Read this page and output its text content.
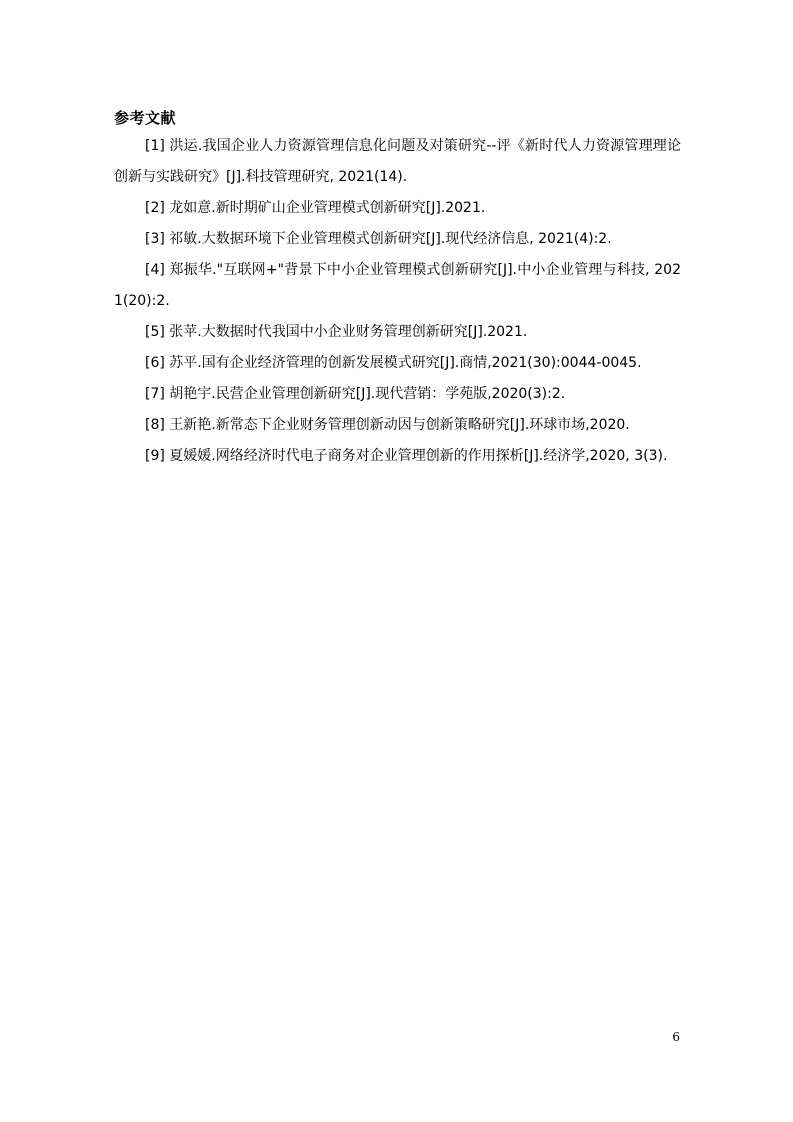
参考文献
[1] 洪运.我国企业人力资源管理信息化问题及对策研究--评《新时代人力资源管理理论创新与实践研究》[J].科技管理研究, 2021(14).
[2] 龙如意.新时期矿山企业管理模式创新研究[J].2021.
[3] 祁敏.大数据环境下企业管理模式创新研究[J].现代经济信息, 2021(4):2.
[4] 郑振华."互联网+"背景下中小企业管理模式创新研究[J].中小企业管理与科技, 2021(20):2.
[5] 张苹.大数据时代我国中小企业财务管理创新研究[J].2021.
[6] 苏平.国有企业经济管理的创新发展模式研究[J].商情,2021(30):0044-0045.
[7] 胡艳宇.民营企业管理创新研究[J].现代营销：学苑版,2020(3):2.
[8] 王新艳.新常态下企业财务管理创新动因与创新策略研究[J].环球市场,2020.
[9] 夏媛媛.网络经济时代电子商务对企业管理创新的作用探析[J].经济学,2020, 3(3).
6
